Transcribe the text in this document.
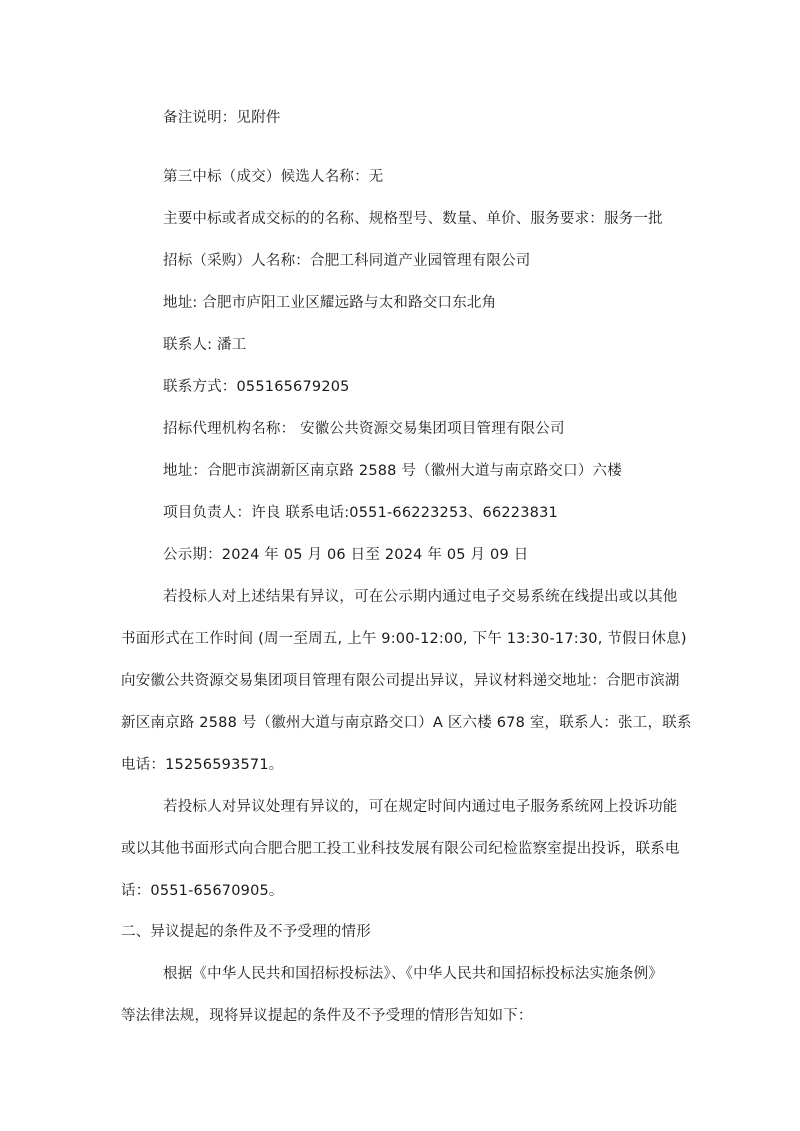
备注说明：见附件
第三中标（成交）候选人名称：无
主要中标或者成交标的的名称、规格型号、数量、单价、服务要求：服务一批
招标（采购）人名称：合肥工科同道产业园管理有限公司
地址: 合肥市庐阳工业区耀远路与太和路交口东北角
联系人: 潘工
联系方式：055165679205
招标代理机构名称： 安徽公共资源交易集团项目管理有限公司
地址：合肥市滨湖新区南京路 2588 号（徽州大道与南京路交口）六楼
项目负责人：许良 联系电话:0551-66223253、66223831
公示期：2024 年 05 月 06 日至 2024 年 05 月 09 日
若投标人对上述结果有异议，可在公示期内通过电子交易系统在线提出或以其他
书面形式在工作时间 (周一至周五, 上午 9:00-12:00, 下午 13:30-17:30, 节假日休息)
向安徽公共资源交易集团项目管理有限公司提出异议，异议材料递交地址：合肥市滨湖
新区南京路 2588 号（徽州大道与南京路交口）A 区六楼 678 室，联系人：张工，联系
电话：15256593571。
若投标人对异议处理有异议的，可在规定时间内通过电子服务系统网上投诉功能
或以其他书面形式向合肥合肥工投工业科技发展有限公司纪检监察室提出投诉，联系电
话：0551-65670905。
二、异议提起的条件及不予受理的情形
根据《中华人民共和国招标投标法》、《中华人民共和国招标投标法实施条例》
等法律法规，现将异议提起的条件及不予受理的情形告知如下：
